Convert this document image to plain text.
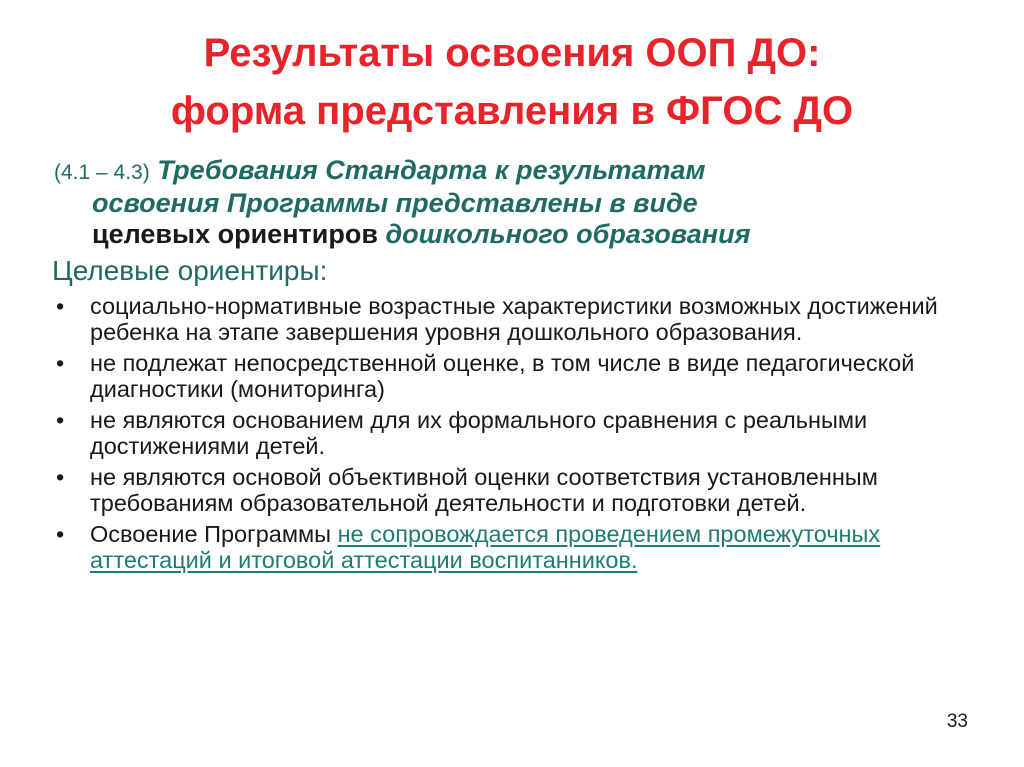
Результаты освоения ООП ДО:
форма представления в ФГОС ДО

(4.1 – 4.3) Требования Стандарта к результатам
освоения Программы представлены в виде
целевых ориентиров дошкольного образования

Целевые ориентиры:
• социально-нормативные возрастные характеристики возможных достижений ребенка на этапе завершения уровня дошкольного образования.
• не подлежат непосредственной оценке, в том числе в виде педагогической диагностики (мониторинга)
• не являются основанием для их формального сравнения с реальными достижениями детей.
• не являются основой объективной оценки соответствия установленным требованиям образовательной деятельности и подготовки детей.
• Освоение Программы не сопровождается проведением промежуточных аттестаций и итоговой аттестации воспитанников.
33
